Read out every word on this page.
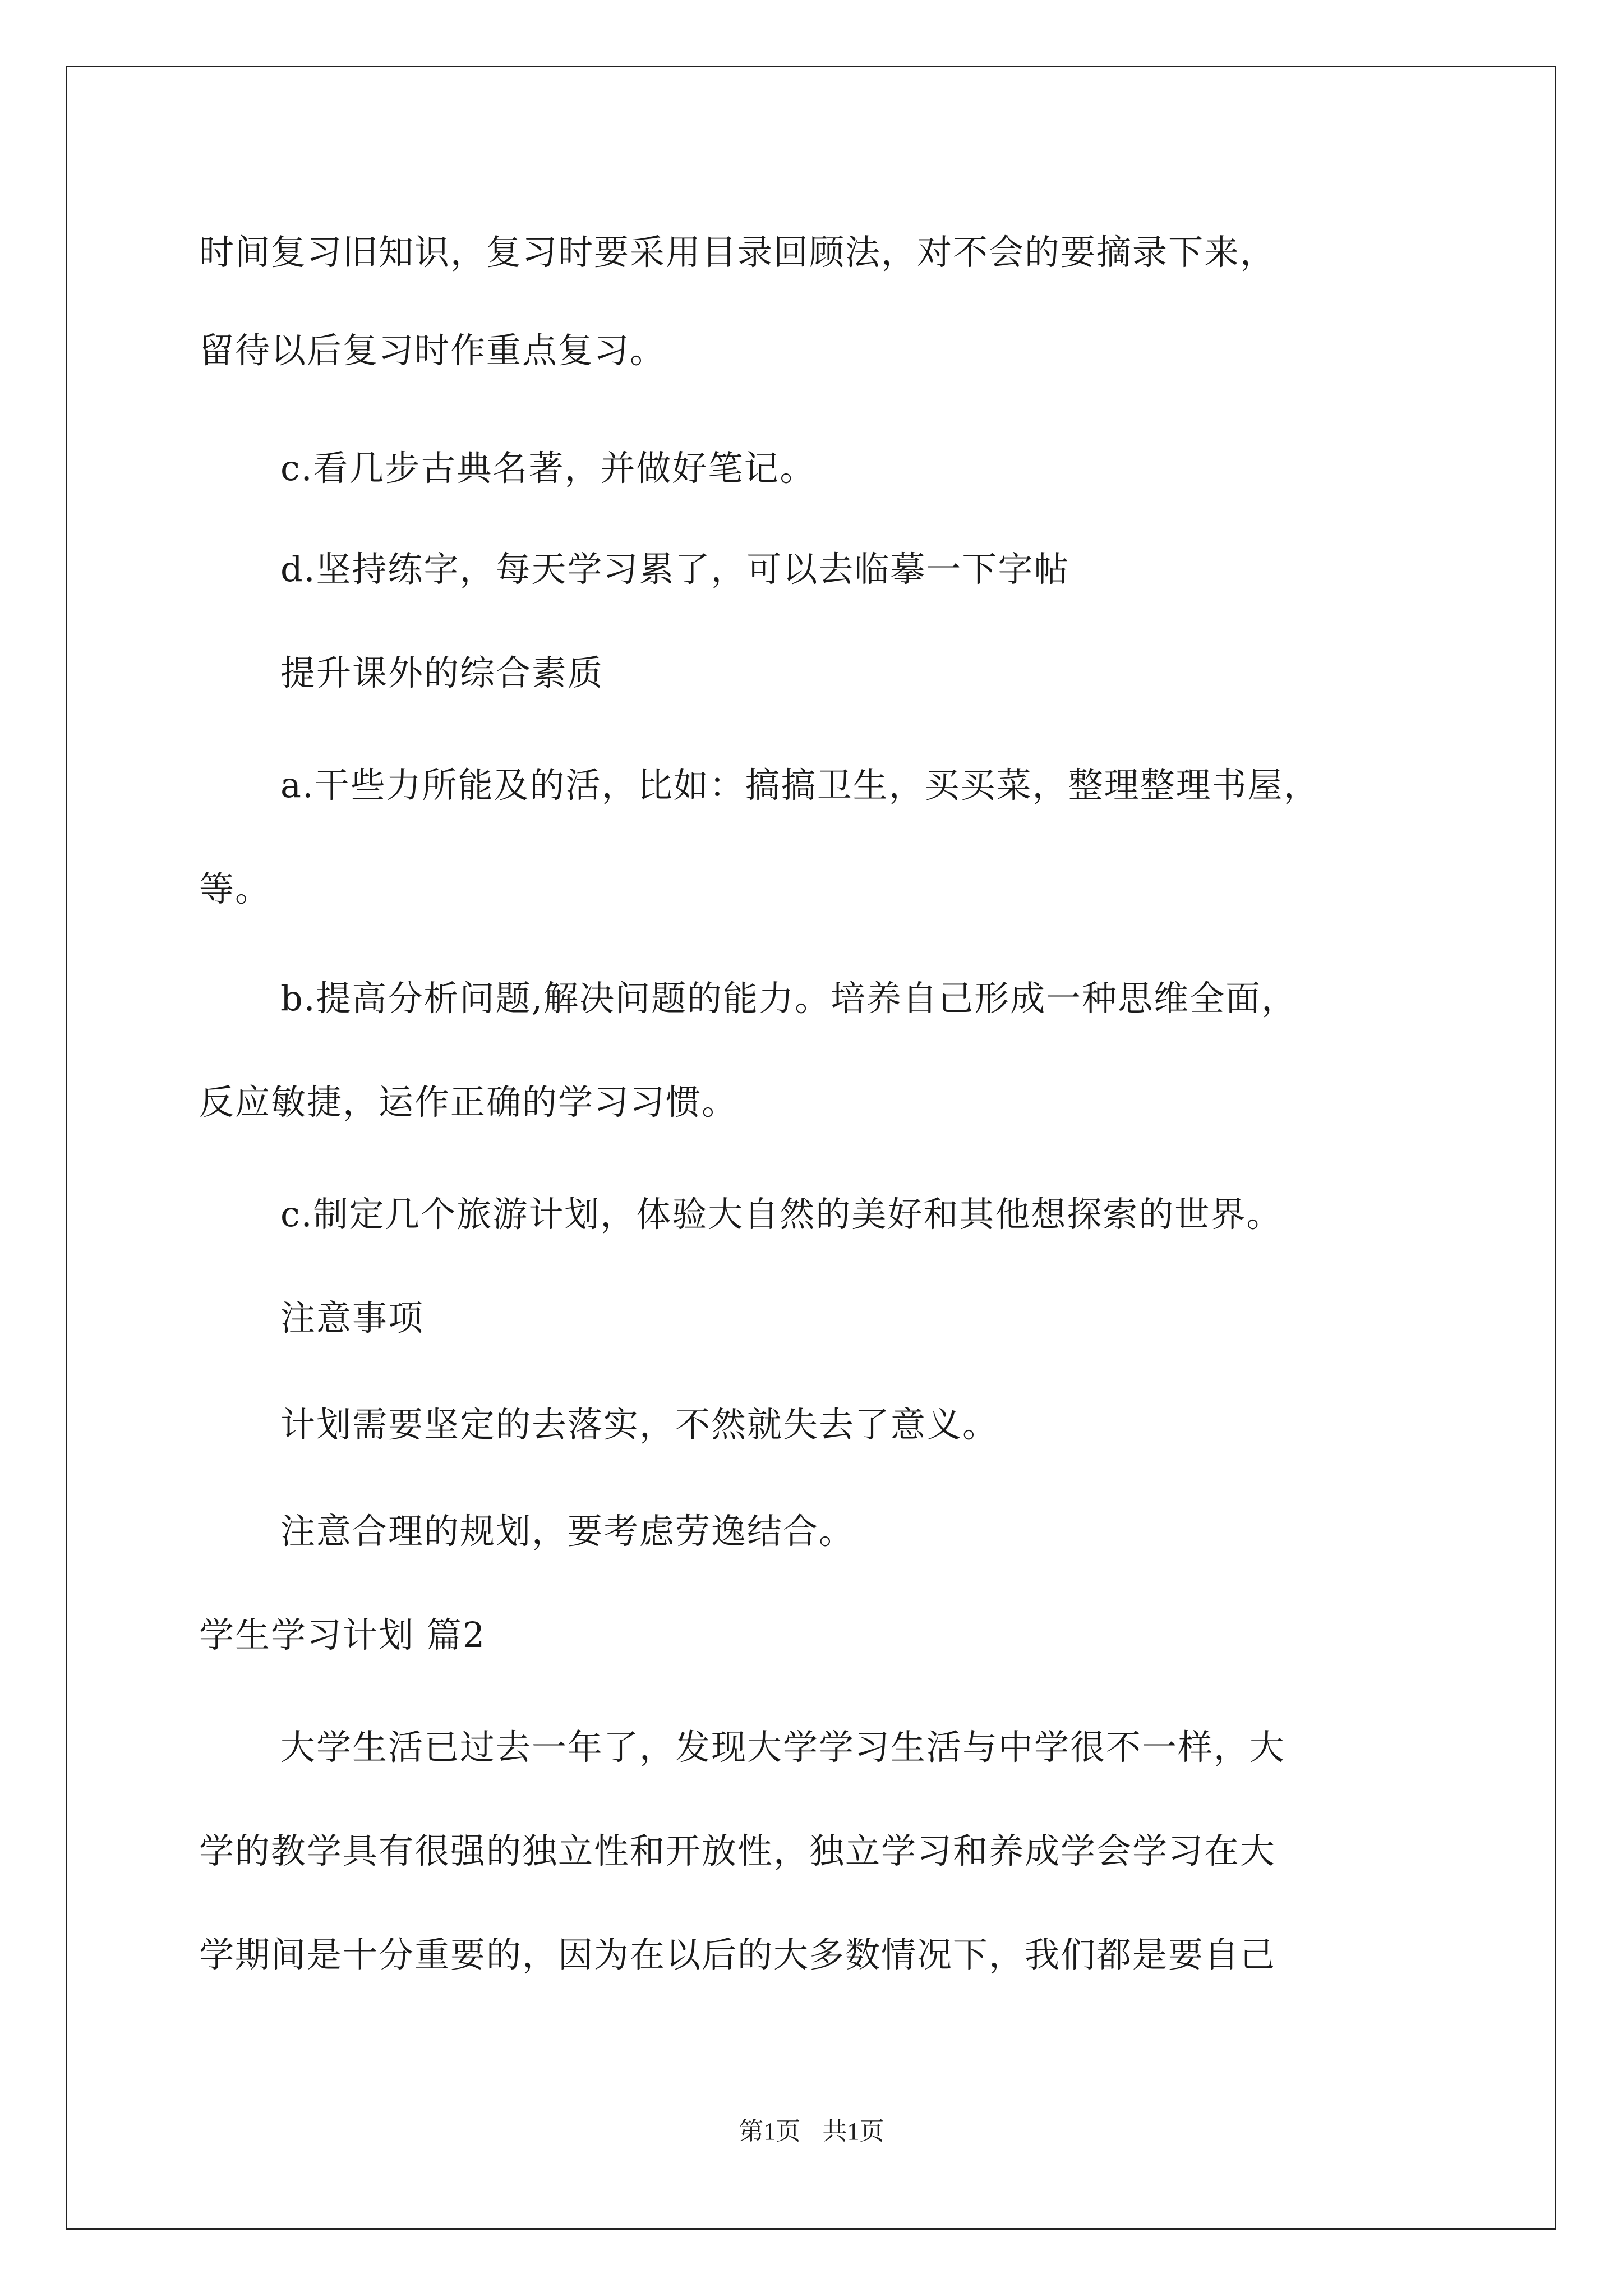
时间复习旧知识，复习时要采用目录回顾法，对不会的要摘录下来，
留待以后复习时作重点复习。
c.看几步古典名著，并做好笔记。
d.坚持练字，每天学习累了，可以去临摹一下字帖
提升课外的综合素质
a.干些力所能及的活，比如：搞搞卫生，买买菜，整理整理书屋，
等。
b.提高分析问题,解决问题的能力。培养自己形成一种思维全面，
反应敏捷，运作正确的学习习惯。
c.制定几个旅游计划，体验大自然的美好和其他想探索的世界。
注意事项
计划需要坚定的去落实，不然就失去了意义。
注意合理的规划，要考虑劳逸结合。
学生学习计划 篇2
大学生活已过去一年了，发现大学学习生活与中学很不一样，大
学的教学具有很强的独立性和开放性，独立学习和养成学会学习在大
学期间是十分重要的，因为在以后的大多数情况下，我们都是要自己
第1页 共1页
